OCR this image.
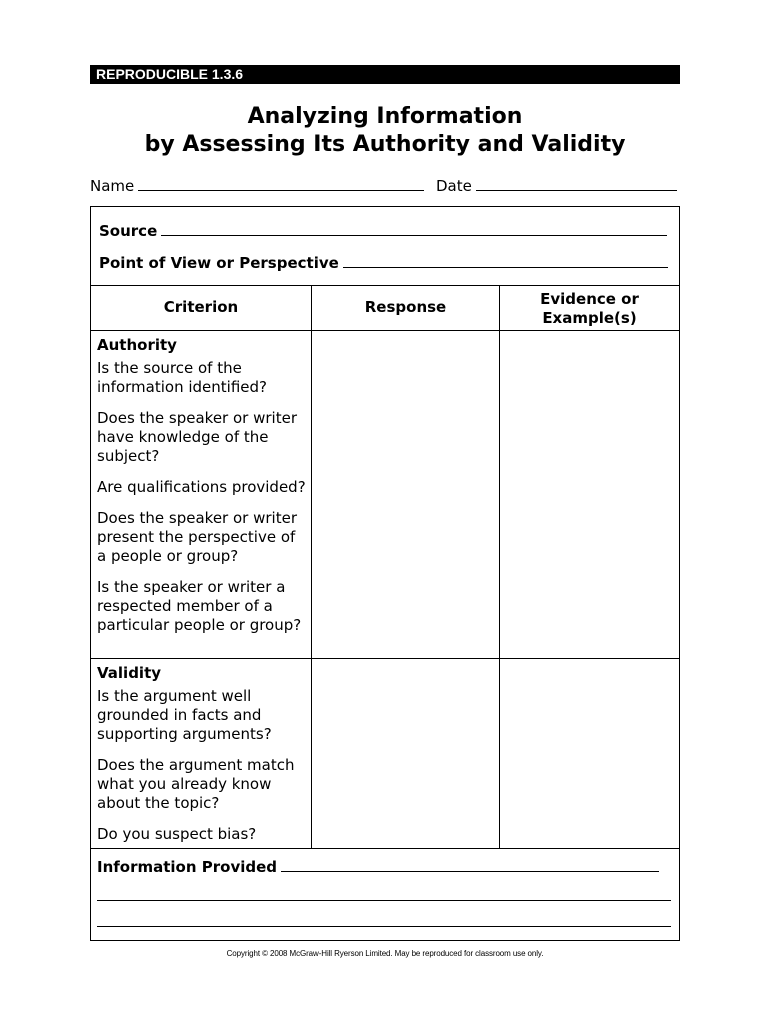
REPRODUCIBLE 1.3.6
Analyzing Information
by Assessing Its Authority and Validity
Name	Date
Source
Point of View or Perspective
Criterion	Response	Evidence or
Example(s)
Authority

Is the source of the information identified?

Does the speaker or writer have knowledge of the subject?

Are qualifications provided?

Does the speaker or writer present the perspective of a people or group?

Is the speaker or writer a respected member of a particular people or group?

Validity

Is the argument well grounded in facts and supporting arguments?

Does the argument match what you already know about the topic?

Do you suspect bias?

Information Provided
Copyright © 2008 McGraw-Hill Ryerson Limited. May be reproduced for classroom use only.
